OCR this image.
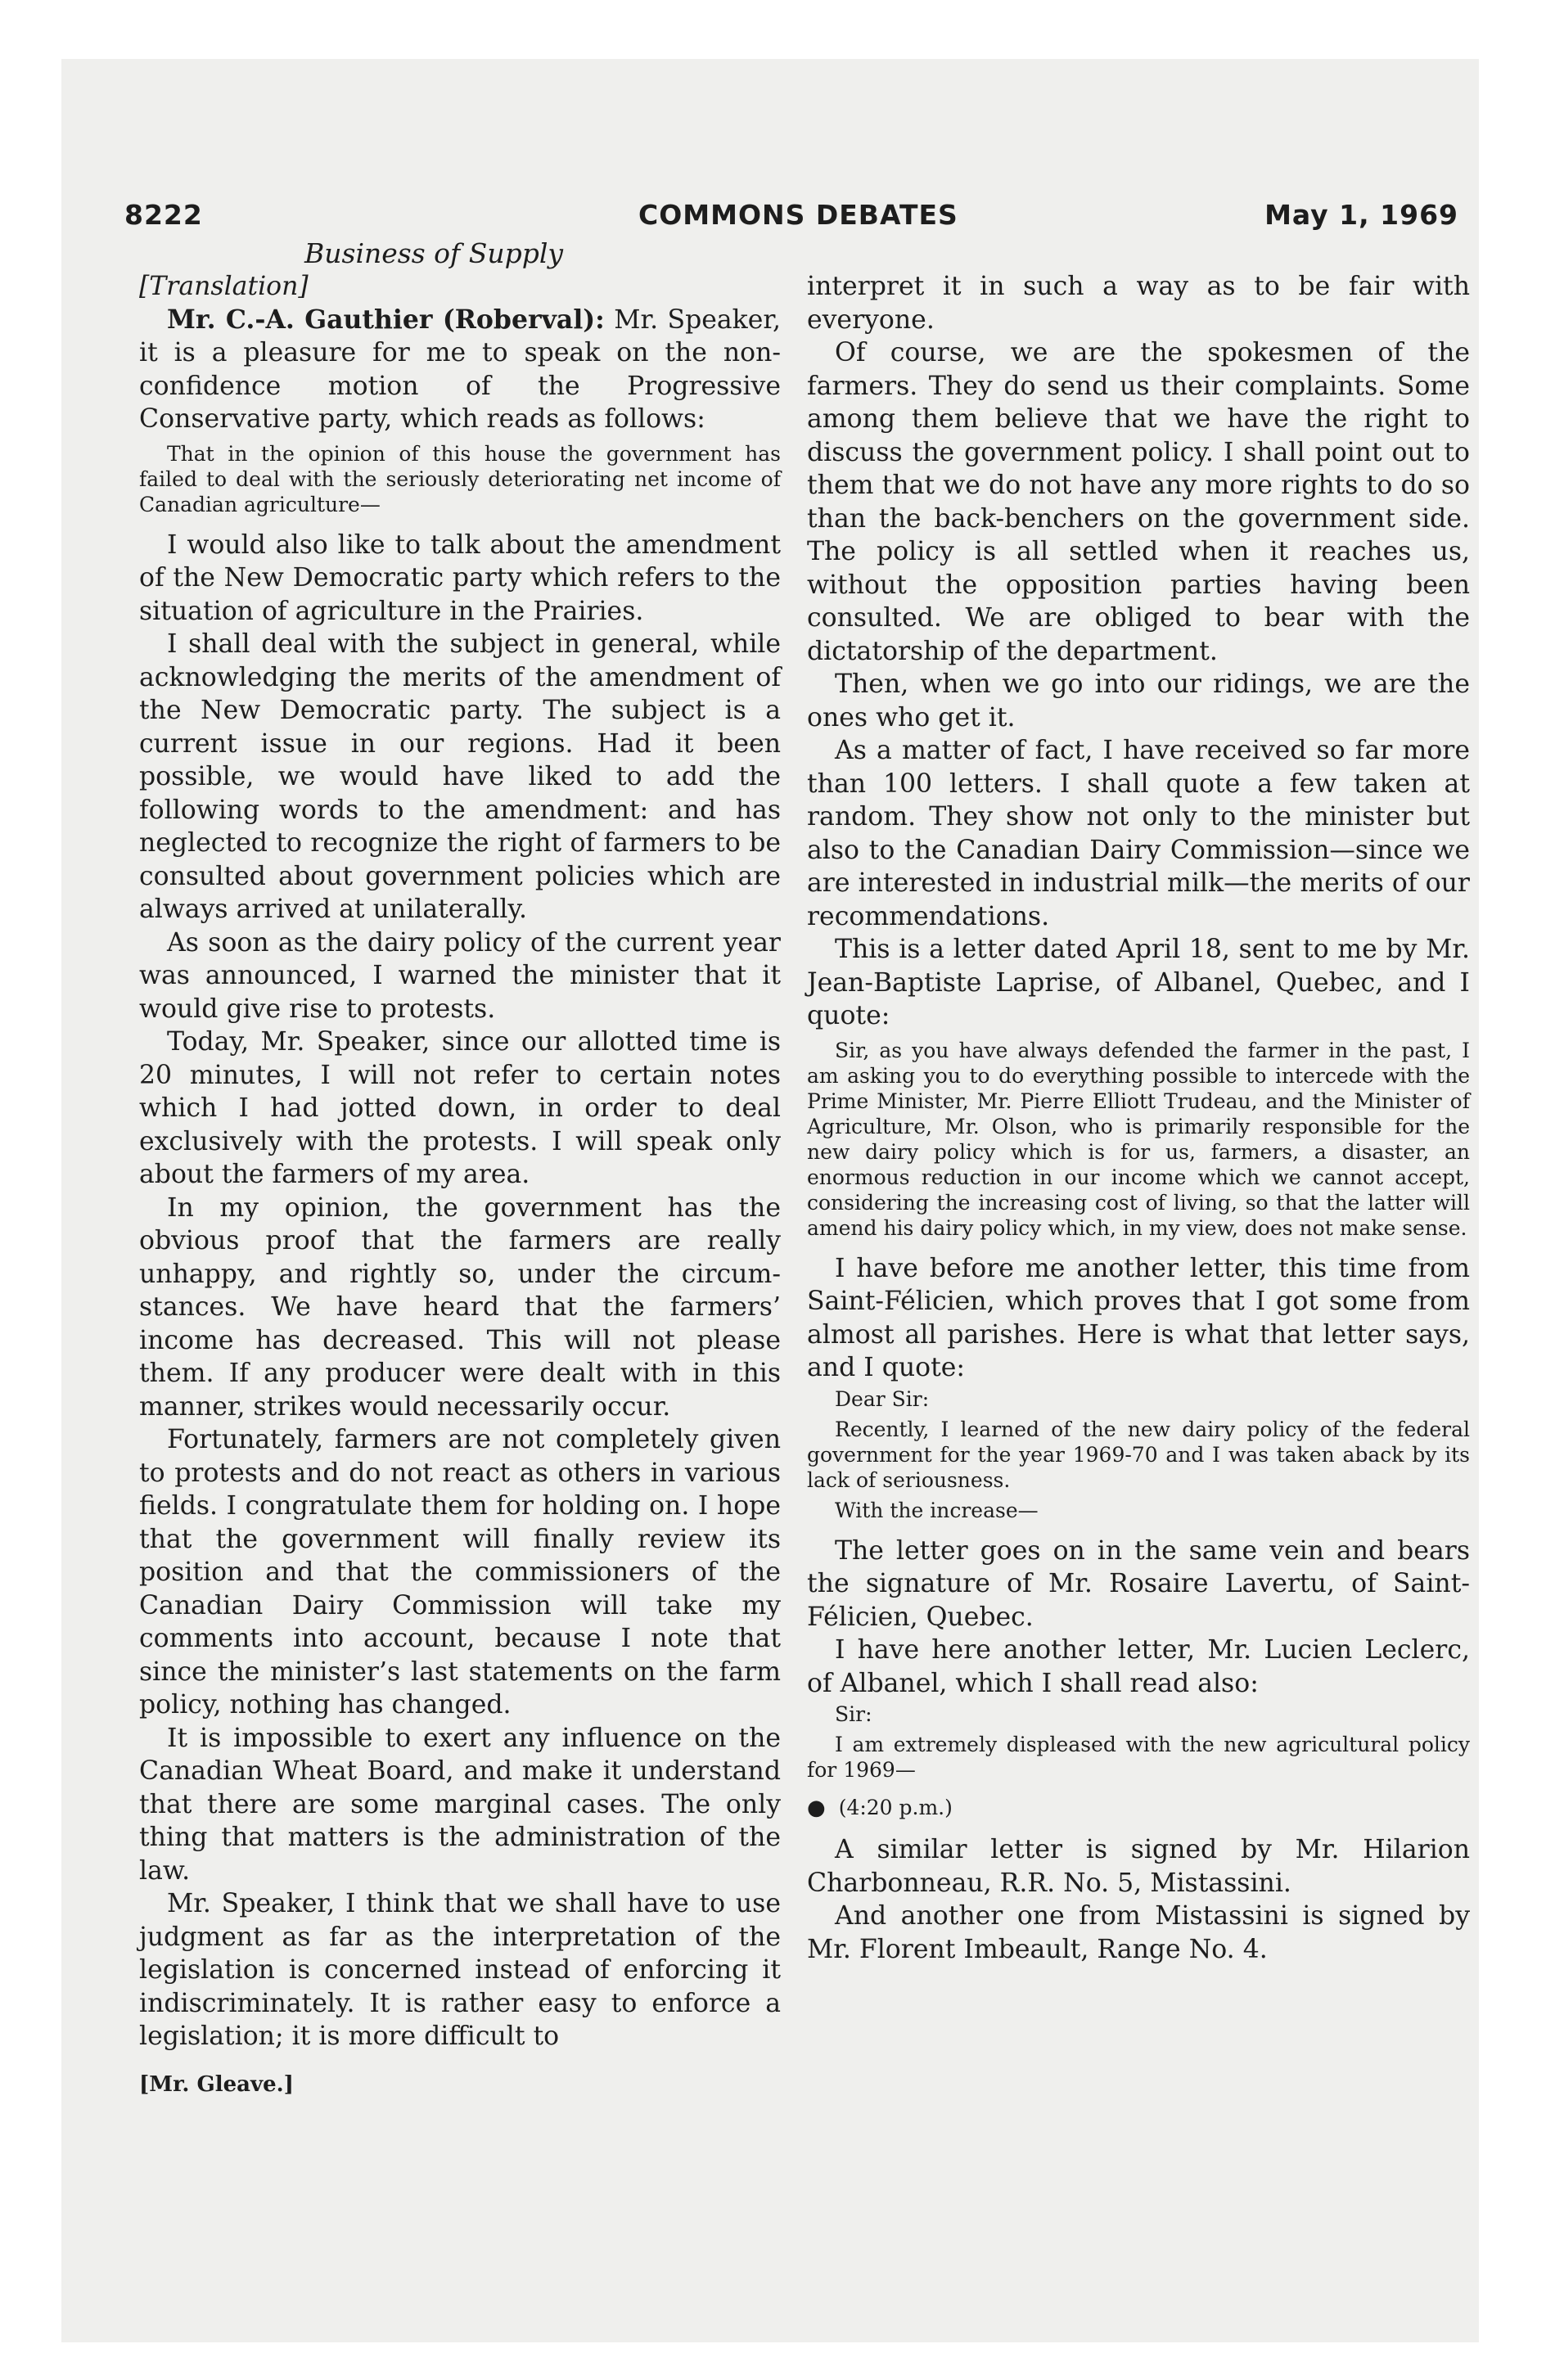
8222	COMMONS DEBATES	May 1, 1969
Business of Supply

[Translation]

Mr. C.-A. Gauthier (Roberval): Mr. Speaker, it is a pleasure for me to speak on the non-confidence motion of the Progressive Conservative party, which reads as follows:

That in the opinion of this house the government has failed to deal with the seriously deteriorating net income of Canadian agriculture—

I would also like to talk about the amendment of the New Democratic party which refers to the situation of agriculture in the Prairies.

I shall deal with the subject in general, while acknowledging the merits of the amendment of the New Democratic party. The subject is a current issue in our regions. Had it been possible, we would have liked to add the following words to the amendment: and has neglected to recognize the right of farmers to be consulted about government policies which are always arrived at unilaterally.

As soon as the dairy policy of the current year was announced, I warned the minister that it would give rise to protests.

Today, Mr. Speaker, since our allotted time is 20 minutes, I will not refer to certain notes which I had jotted down, in order to deal exclusively with the protests. I will speak only about the farmers of my area.

In my opinion, the government has the obvious proof that the farmers are really unhappy, and rightly so, under the circumstances. We have heard that the farmers’ income has decreased. This will not please them. If any producer were dealt with in this manner, strikes would necessarily occur.

Fortunately, farmers are not completely given to protests and do not react as others in various fields. I congratulate them for holding on. I hope that the government will finally review its position and that the commissioners of the Canadian Dairy Commission will take my comments into account, because I note that since the minister’s last statements on the farm policy, nothing has changed.

It is impossible to exert any influence on the Canadian Wheat Board, and make it understand that there are some marginal cases. The only thing that matters is the administration of the law.

Mr. Speaker, I think that we shall have to use judgment as far as the interpretation of the legislation is concerned instead of enforcing it indiscriminately. It is rather easy to enforce a legislation; it is more difficult to

[Mr. Gleave.]

interpret it in such a way as to be fair with everyone.

Of course, we are the spokesmen of the farmers. They do send us their complaints. Some among them believe that we have the right to discuss the government policy. I shall point out to them that we do not have any more rights to do so than the back-benchers on the government side. The policy is all settled when it reaches us, without the opposition parties having been consulted. We are obliged to bear with the dictatorship of the department.

Then, when we go into our ridings, we are the ones who get it.

As a matter of fact, I have received so far more than 100 letters. I shall quote a few taken at random. They show not only to the minister but also to the Canadian Dairy Commission—since we are interested in industrial milk—the merits of our recommendations.

This is a letter dated April 18, sent to me by Mr. Jean-Baptiste Laprise, of Albanel, Quebec, and I quote:

Sir, as you have always defended the farmer in the past, I am asking you to do everything possible to intercede with the Prime Minister, Mr. Pierre Elliott Trudeau, and the Minister of Agriculture, Mr. Olson, who is primarily responsible for the new dairy policy which is for us, farmers, a disaster, an enormous reduction in our income which we cannot accept, considering the increasing cost of living, so that the latter will amend his dairy policy which, in my view, does not make sense.

I have before me another letter, this time from Saint-Félicien, which proves that I got some from almost all parishes. Here is what that letter says, and I quote:

Dear Sir:

Recently, I learned of the new dairy policy of the federal government for the year 1969-70 and I was taken aback by its lack of seriousness.

With the increase—

The letter goes on in the same vein and bears the signature of Mr. Rosaire Lavertu, of Saint-Félicien, Quebec.

I have here another letter, Mr. Lucien Leclerc, of Albanel, which I shall read also:

Sir:

I am extremely displeased with the new agricultural policy for 1969—

● (4:20 p.m.)

A similar letter is signed by Mr. Hilarion Charbonneau, R.R. No. 5, Mistassini.

And another one from Mistassini is signed by Mr. Florent Imbeault, Range No. 4.
